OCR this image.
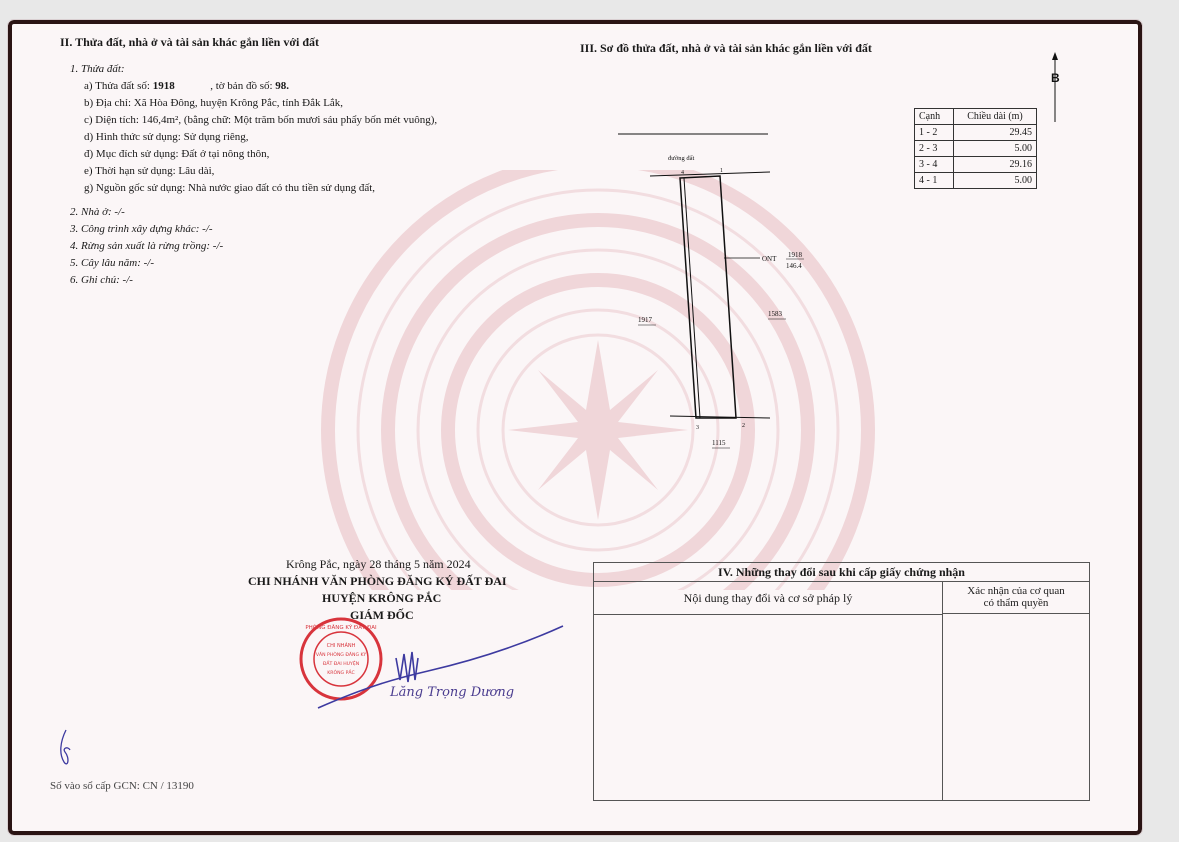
II. Thửa đất, nhà ở và tài sản khác gắn liền với đất
1. Thửa đất:
a) Thửa đất số: 1918	, tờ bản đồ số: 98.
b) Địa chỉ: Xã Hòa Đông, huyện Krông Pắc, tỉnh Đắk Lắk,
c) Diện tích: 146,4m², (bằng chữ: Một trăm bốn mươi sáu phẩy bốn mét vuông),
d) Hình thức sử dụng: Sử dụng riêng,
đ) Mục đích sử dụng: Đất ở tại nông thôn,
e) Thời hạn sử dụng: Lâu dài,
g) Nguồn gốc sử dụng: Nhà nước giao đất có thu tiền sử dụng đất,
2. Nhà ở: -/-
3. Công trình xây dựng khác: -/-
4. Rừng sản xuất là rừng trồng: -/-
5. Cây lâu năm: -/-
6. Ghi chú: -/-
Krông Pắc, ngày 28 tháng 5 năm 2024
CHI NHÁNH VĂN PHÒNG ĐĂNG KÝ ĐẤT ĐAI
HUYỆN KRÔNG PẮC
GIÁM ĐỐC
PHÒNG ĐĂNG KÝ ĐẤT ĐAI
CHI NHÁNH
VĂN PHÒNG ĐĂNG KÝ
ĐẤT ĐAI HUYỆN
KRÔNG PẮC
Lăng Trọng Dương
Số vào sổ cấp GCN: CN / 13190
III. Sơ đồ thửa đất, nhà ở và tài sản khác gắn liền với đất
B
Cạnh	Chiều dài (m)
1 - 2	29.45
2 - 3	5.00
3 - 4	29.16
4 - 1	5.00
đường đất
1
4
3	2
ONT 1918
146.4
1917
1583
1115
IV. Những thay đổi sau khi cấp giấy chứng nhận
Nội dung thay đổi và cơ sở pháp lý	Xác nhận của cơ quan
có thẩm quyền
